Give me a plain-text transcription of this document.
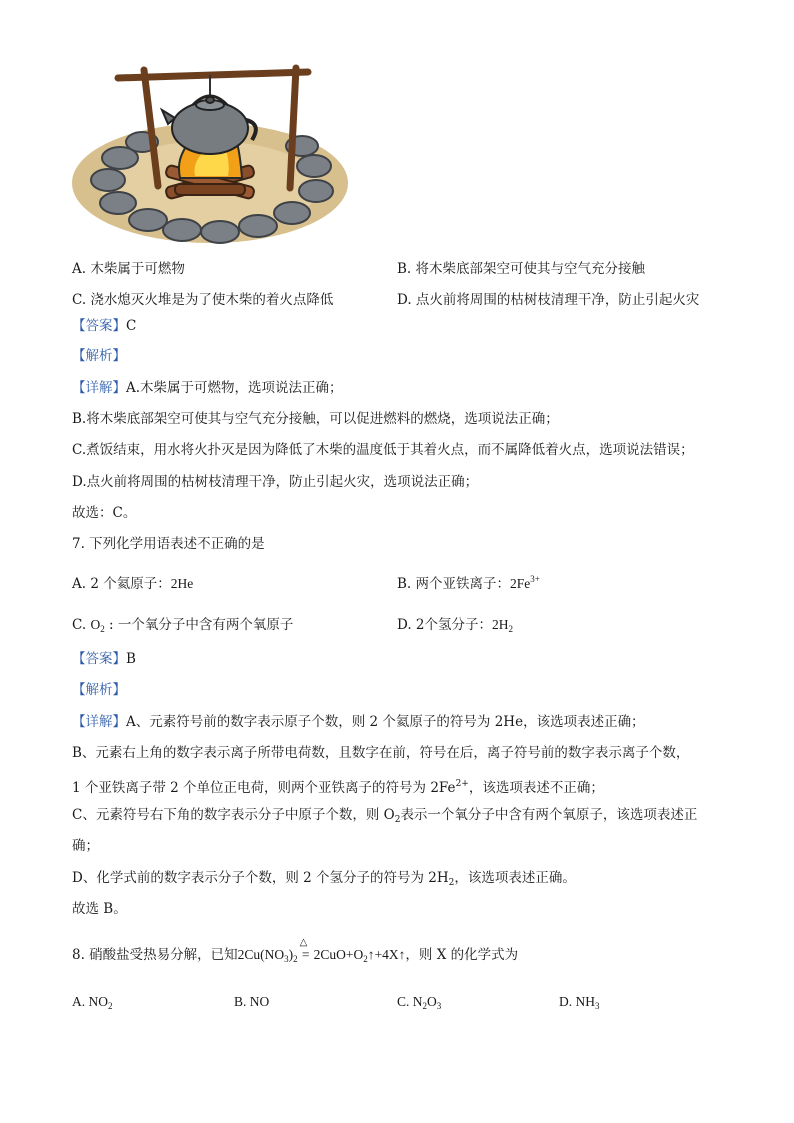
A. 木柴属于可燃物	B. 将木柴底部架空可使其与空气充分接触
C. 浇水熄灭火堆是为了使木柴的着火点降低	D. 点火前将周围的枯树枝清理干净，防止引起火灾
【答案】C
【解析】
【详解】A.木柴属于可燃物，选项说法正确；
B.将木柴底部架空可使其与空气充分接触，可以促进燃料的燃烧，选项说法正确；
C.煮饭结束，用水将火扑灭是因为降低了木柴的温度低于其着火点，而不属降低着火点，选项说法错误；
D.点火前将周围的枯树枝清理干净，防止引起火灾，选项说法正确；
故选：C。
7. 下列化学用语表述不正确的是
A. 2 个氦原子：2He	B. 两个亚铁离子：$2Fe^{3+}$
C. $O_2$ : 一个氧分子中含有两个氧原子	D. 2个氢分子：$2H_2$
【答案】B
【解析】
【详解】A、元素符号前的数字表示原子个数，则 2 个氦原子的符号为 2He，该选项表述正确；
B、元素右上角的数字表示离子所带电荷数，且数字在前，符号在后，离子符号前的数字表示离子个数，
1 个亚铁离子带 2 个单位正电荷，则两个亚铁离子的符号为 $2Fe^{2+}$，该选项表述不正确；
C、元素符号右下角的数字表示分子中原子个数，则 $O_2$表示一个氧分子中含有两个氧原子，该选项表述正
确；
D、化学式前的数字表示分子个数，则 2 个氢分子的符号为 $2H_2$，该选项表述正确。
故选 B。
8. 硝酸盐受热易分解，已知$2Cu(NO_3)_2$
△
= $2CuO+O_2↑+4X↑$，则 X 的化学式为
A. $NO_2$	B. NO	C. $N_2O_3$	D. $NH_3$
